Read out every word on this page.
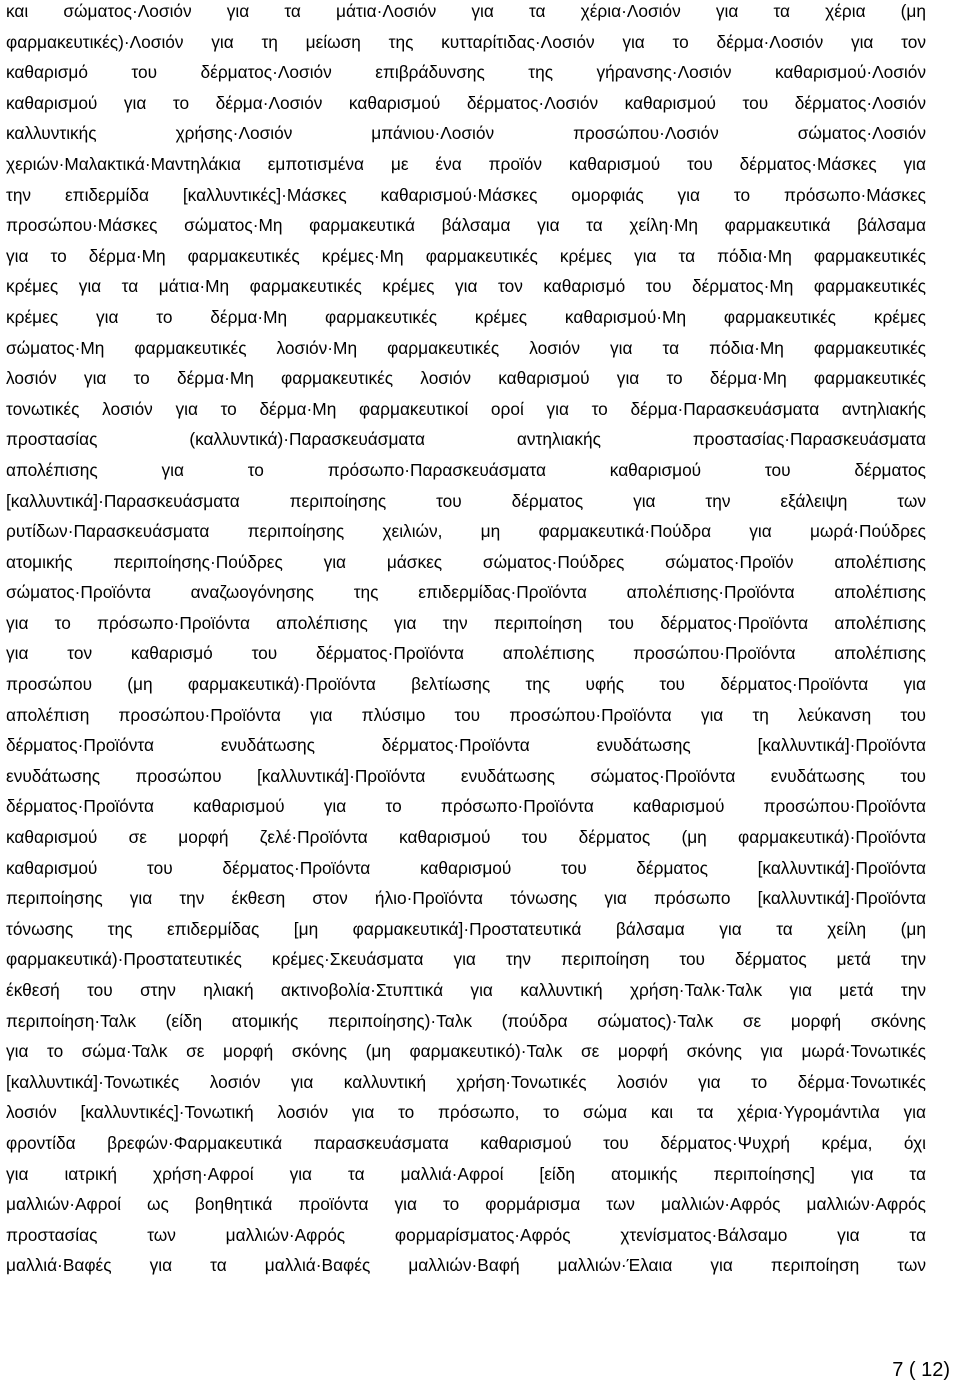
και σώματος·Λοσιόν για τα μάτια·Λοσιόν για τα χέρια·Λοσιόν για τα χέρια (μη
φαρμακευτικές)·Λοσιόν για τη μείωση της κυτταρίτιδας·Λοσιόν για το δέρμα·Λοσιόν για τον
καθαρισμό του δέρματος·Λοσιόν επιβράδυνσης της γήρανσης·Λοσιόν καθαρισμού·Λοσιόν
καθαρισμού για το δέρμα·Λοσιόν καθαρισμού δέρματος·Λοσιόν καθαρισμού του δέρματος·Λοσιόν
καλλυντικής χρήσης·Λοσιόν μπάνιου·Λοσιόν προσώπου·Λοσιόν σώματος·Λοσιόν
χεριών·Μαλακτικά·Μαντηλάκια εμποτισμένα με ένα προϊόν καθαρισμού του δέρματος·Μάσκες για
την επιδερμίδα [καλλυντικές]·Μάσκες καθαρισμού·Μάσκες ομορφιάς για το πρόσωπο·Μάσκες
προσώπου·Μάσκες σώματος·Μη φαρμακευτικά βάλσαμα για τα χείλη·Μη φαρμακευτικά βάλσαμα
για το δέρμα·Μη φαρμακευτικές κρέμες·Μη φαρμακευτικές κρέμες για τα πόδια·Μη φαρμακευτικές
κρέμες για τα μάτια·Μη φαρμακευτικές κρέμες για τον καθαρισμό του δέρματος·Μη φαρμακευτικές
κρέμες για το δέρμα·Μη φαρμακευτικές κρέμες καθαρισμού·Μη φαρμακευτικές κρέμες
σώματος·Μη φαρμακευτικές λοσιόν·Μη φαρμακευτικές λοσιόν για τα πόδια·Μη φαρμακευτικές
λοσιόν για το δέρμα·Μη φαρμακευτικές λοσιόν καθαρισμού για το δέρμα·Μη φαρμακευτικές
τονωτικές λοσιόν για το δέρμα·Μη φαρμακευτικοί οροί για το δέρμα·Παρασκευάσματα αντηλιακής
προστασίας (καλλυντικά)·Παρασκευάσματα αντηλιακής προστασίας·Παρασκευάσματα
απολέπισης για το πρόσωπο·Παρασκευάσματα καθαρισμού του δέρματος
[καλλυντικά]·Παρασκευάσματα περιποίησης του δέρματος για την εξάλειψη των
ρυτίδων·Παρασκευάσματα περιποίησης χειλιών, μη φαρμακευτικά·Πούδρα για μωρά·Πούδρες
ατομικής περιποίησης·Πούδρες για μάσκες σώματος·Πούδρες σώματος·Προϊόν απολέπισης
σώματος·Προϊόντα αναζωογόνησης της επιδερμίδας·Προϊόντα απολέπισης·Προϊόντα απολέπισης
για το πρόσωπο·Προϊόντα απολέπισης για την περιποίηση του δέρματος·Προϊόντα απολέπισης
για τον καθαρισμό του δέρματος·Προϊόντα απολέπισης προσώπου·Προϊόντα απολέπισης
προσώπου (μη φαρμακευτικά)·Προϊόντα βελτίωσης της υφής του δέρματος·Προϊόντα για
απολέπιση προσώπου·Προϊόντα για πλύσιμο του προσώπου·Προϊόντα για τη λεύκανση του
δέρματος·Προϊόντα ενυδάτωσης δέρματος·Προϊόντα ενυδάτωσης [καλλυντικά]·Προϊόντα
ενυδάτωσης προσώπου [καλλυντικά]·Προϊόντα ενυδάτωσης σώματος·Προϊόντα ενυδάτωσης του
δέρματος·Προϊόντα καθαρισμού για το πρόσωπο·Προϊόντα καθαρισμού προσώπου·Προϊόντα
καθαρισμού σε μορφή ζελέ·Προϊόντα καθαρισμού του δέρματος (μη φαρμακευτικά)·Προϊόντα
καθαρισμού του δέρματος·Προϊόντα καθαρισμού του δέρματος [καλλυντικά]·Προϊόντα
περιποίησης για την έκθεση στον ήλιο·Προϊόντα τόνωσης για πρόσωπο [καλλυντικά]·Προϊόντα
τόνωσης της επιδερμίδας [μη φαρμακευτικά]·Προστατευτικά βάλσαμα για τα χείλη (μη
φαρμακευτικά)·Προστατευτικές κρέμες·Σκευάσματα για την περιποίηση του δέρματος μετά την
έκθεσή του στην ηλιακή ακτινοβολία·Στυπτικά για καλλυντική χρήση·Ταλκ·Ταλκ για μετά την
περιποίηση·Ταλκ (είδη ατομικής περιποίησης)·Ταλκ (πούδρα σώματος)·Ταλκ σε μορφή σκόνης
για το σώμα·Ταλκ σε μορφή σκόνης (μη φαρμακευτικό)·Ταλκ σε μορφή σκόνης για μωρά·Τονωτικές
[καλλυντικά]·Τονωτικές λοσιόν για καλλυντική χρήση·Τονωτικές λοσιόν για το δέρμα·Τονωτικές
λοσιόν [καλλυντικές]·Τονωτική λοσιόν για το πρόσωπο, το σώμα και τα χέρια·Υγρομάντιλα για
φροντίδα βρεφών·Φαρμακευτικά παρασκευάσματα καθαρισμού του δέρματος·Ψυχρή κρέμα, όχι
για ιατρική χρήση·Αφροί για τα μαλλιά·Αφροί [είδη ατομικής περιποίησης] για τα
μαλλιών·Αφροί ως βοηθητικά προϊόντα για το φορμάρισμα των μαλλιών·Αφρός μαλλιών·Αφρός
προστασίας των μαλλιών·Αφρός φορμαρίσματος·Αφρός χτενίσματος·Βάλσαμο για τα
μαλλιά·Βαφές για τα μαλλιά·Βαφές μαλλιών·Βαφή μαλλιών·Έλαια για περιποίηση των
7 ( 12)
